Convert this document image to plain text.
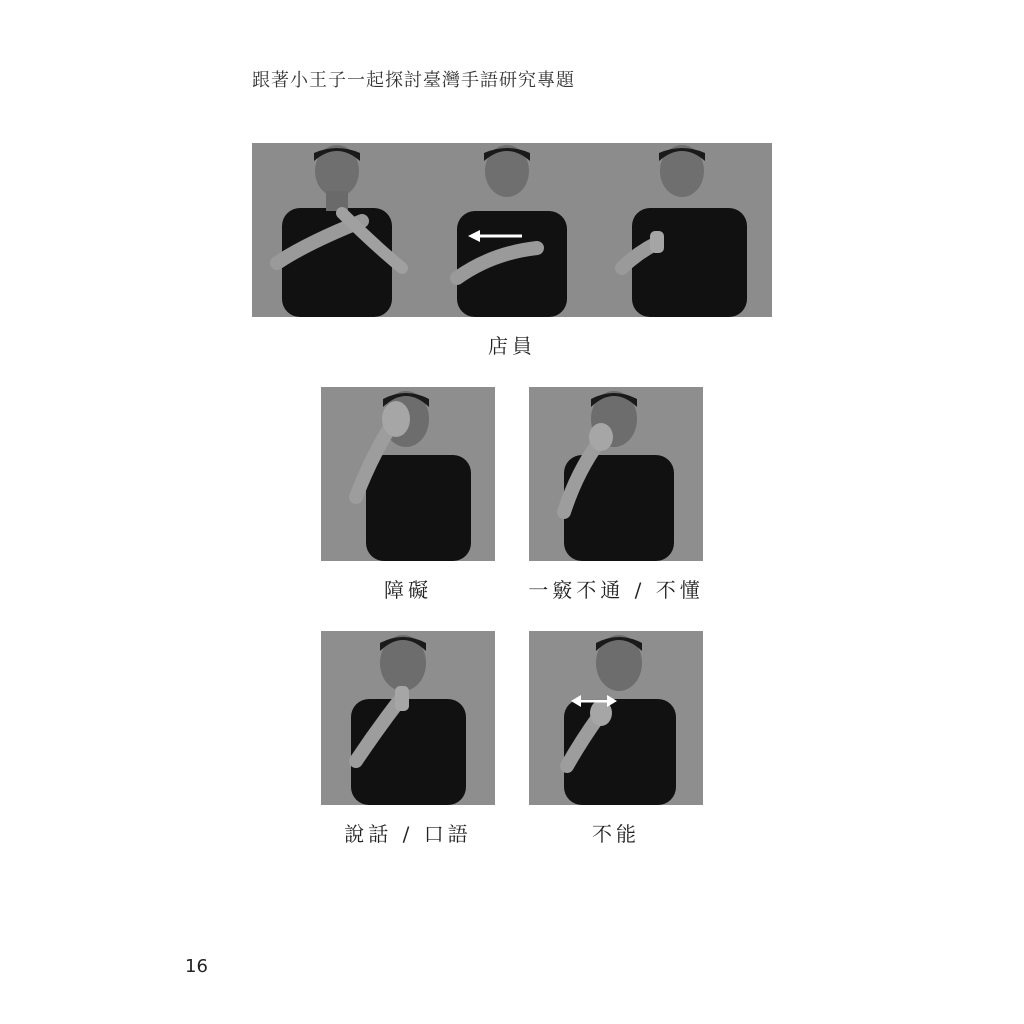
跟著小王子一起探討臺灣手語研究專題
店員
障礙	一竅不通 / 不懂
說話 / 口語	不能
16
